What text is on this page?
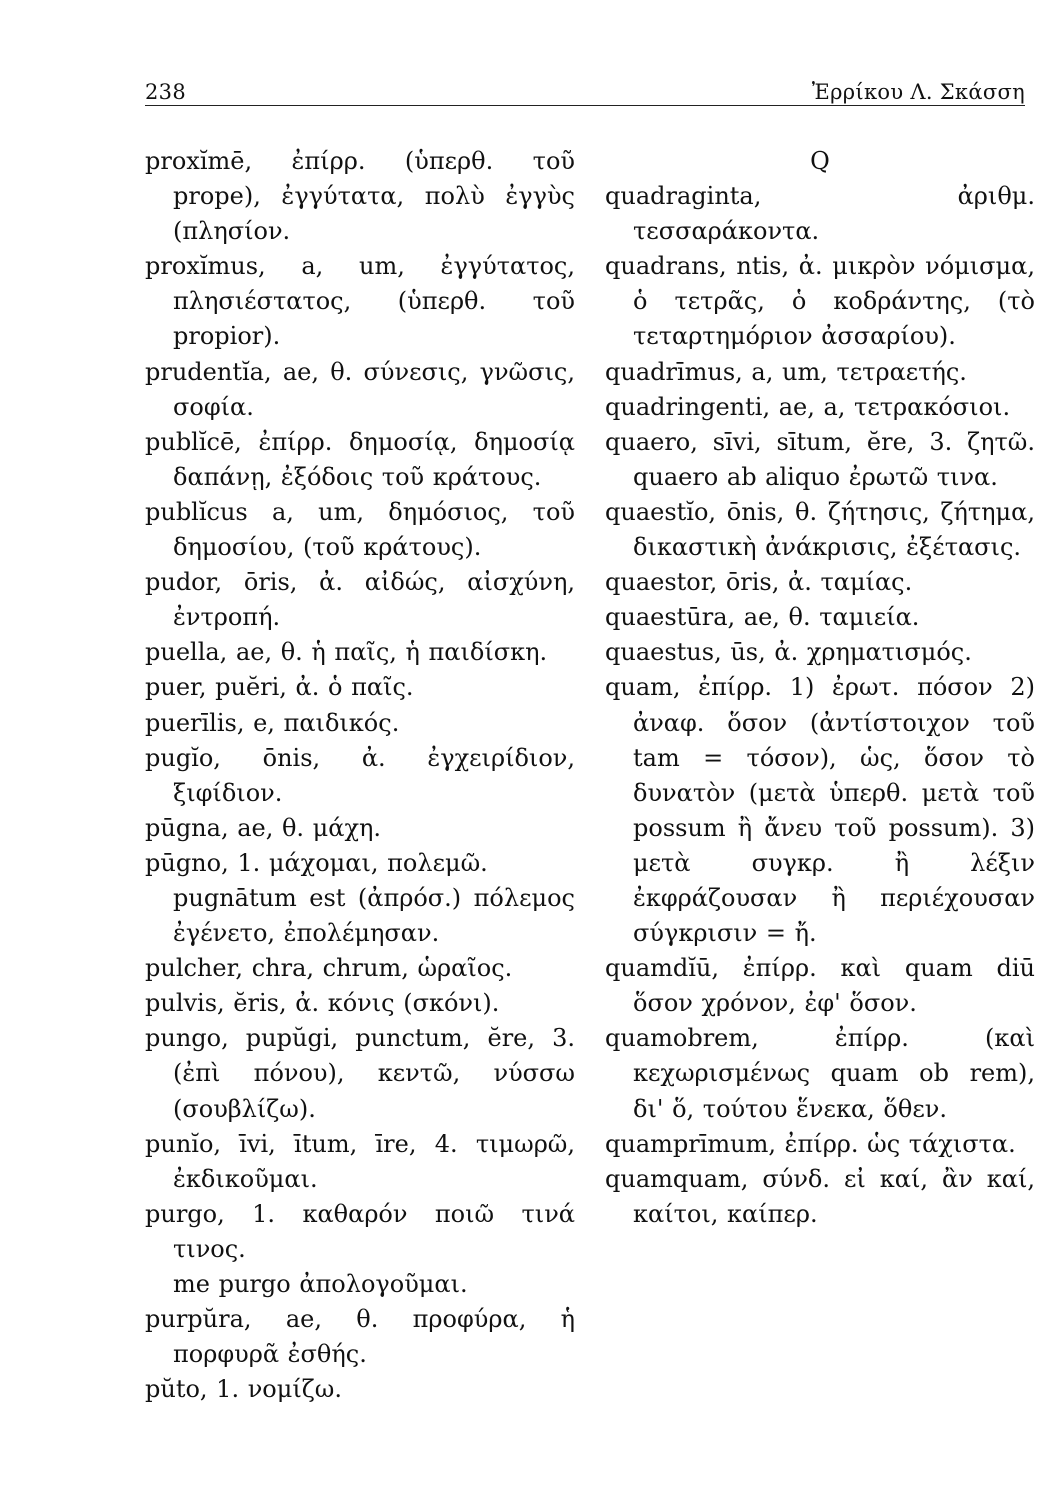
238	Ἐρρίκου Λ. Σκάσση

proxĭmē, ἐπίρρ. (ὑπερθ. τοῦ prope), ἐγγύτατα, πολὺ ἐγγὺς (πλησίον.

proxĭmus, a, um, ἐγγύτατος, πλησιέστατος, (ὑπερθ. τοῦ propior).

prudentĭa, ae, θ. σύνεσις, γνῶσις, σοφία.

publĭcē, ἐπίρρ. δημοσίᾳ, δημοσίᾳ δαπάνῃ, ἐξόδοις τοῦ κράτους.

publĭcus a, um, δημόσιος, τοῦ δημοσίου, (τοῦ κράτους).

pudor, ōris, ἀ. αἰδώς, αἰσχύνη, ἐντροπή.

puella, ae, θ. ἡ παῖς, ἡ παιδίσκη.

puer, puĕri, ἀ. ὁ παῖς.

puerīlis, e, παιδικός.

pugĭo, ōnis, ἀ. ἐγχειρίδιον, ξιφίδιον.

pūgna, ae, θ. μάχη.

pūgno, 1. μάχομαι, πολεμῶ.

pugnātum est (ἀπρόσ.) πόλεμος ἐγένετο, ἐπολέμησαν.

pulcher, chra, chrum, ὡραῖος.

pulvis, ĕris, ἀ. κόνις (σκόνι).

pungo, pupŭgi, punctum, ĕre, 3. (ἐπὶ πόνου), κεντῶ, νύσσω (σουβλίζω).

punĭo, īvi, ītum, īre, 4. τιμωρῶ, ἐκδικοῦμαι.

purgo, 1. καθαρόν ποιῶ τινά τινος.

me purgo ἀπολογοῦμαι.

purpŭra, ae, θ. προφύρα, ἡ πορφυρᾶ ἐσθής.

pŭto, 1. νομίζω.

Q

quadraginta, ἀριθμ. τεσσαράκοντα.

quadrans, ntis, ἀ. μικρὸν νόμισμα, ὁ τετρᾶς, ὁ κοδράντης, (τὸ τεταρτημόριον ἀσσαρίου).

quadrīmus, a, um, τετραετής.

quadringenti, ae, a, τετρακόσιοι.

quaero, sīvi, sītum, ĕre, 3. ζητῶ. quaero ab aliquo ἐρωτῶ τινα.

quaestĭo, ōnis, θ. ζήτησις, ζήτημα, δικαστικὴ ἀνάκρισις, ἐξέτασις.

quaestor, ōris, ἀ. ταμίας.

quaestūra, ae, θ. ταμιεία.

quaestus, ūs, ἀ. χρηματισμός.

quam, ἐπίρρ. 1) ἐρωτ. πόσον 2) ἀναφ. ὅσον (ἀντίστοιχον τοῦ tam = τόσον), ὡς, ὅσον τὸ δυνατὸν (μετὰ ὑπερθ. μετὰ τοῦ possum ἢ ἄνευ τοῦ possum). 3) μετὰ συγκρ. ἢ λέξιν ἐκφράζουσαν ἢ περιέχουσαν σύγκρισιν = ἤ.

quamdĭū, ἐπίρρ. καὶ quam diū ὅσον χρόνον, ἐφ' ὅσον.

quamobrem, ἐπίρρ. (καὶ κεχωρισμένως quam ob rem), δι' ὅ, τούτου ἕνεκα, ὅθεν.

quamprīmum, ἐπίρρ. ὡς τάχιστα.

quamquam, σύνδ. εἰ καί, ἂν καί, καίτοι, καίπερ.
